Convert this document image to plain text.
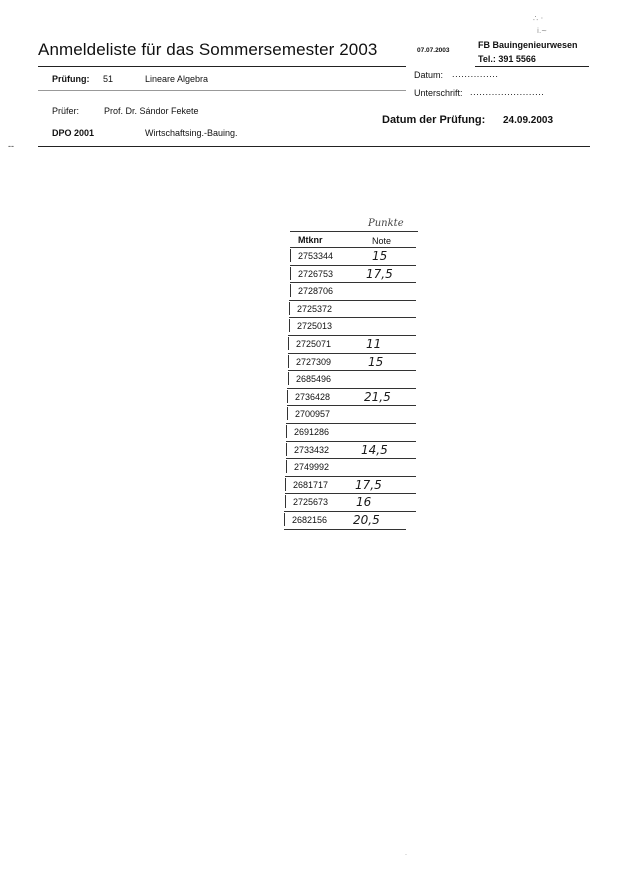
∴ ·
i.~
Anmeldeliste für das Sommersemester 2003	07.07.2003
FB Bauingenieurwesen
Tel.: 391 5566
Prüfung: 51	Lineare Algebra	Datum: ...............
Unterschrift: ........................
Prüfer:	Prof. Dr. Sándor Fekete
Datum der Prüfung: 24.09.2003
DPO 2001	Wirtschaftsing.-Bauing.
--
Punkte
Mtknr	Note
2753344	15
2726753	17,5
2728706
2725372
2725013
2725071	11
2727309	15
2685496
2736428	21,5
2700957
2691286
2733432	14,5
2749992
2681717 17,5
2725673 16
2682156 20,5
·
